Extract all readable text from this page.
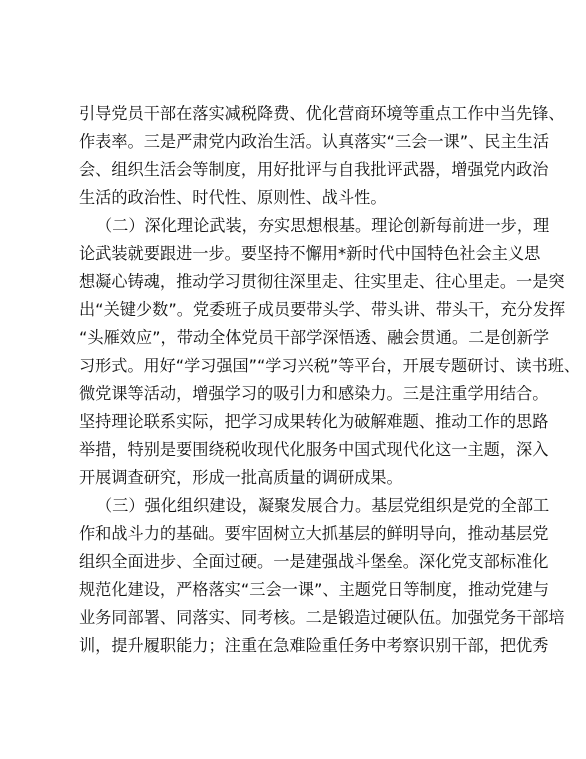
引导党员干部在落实减税降费、优化营商环境等重点工作中当先锋、
作表率。三是严肃党内政治生活。认真落实“三会一课”、民主生活
会、组织生活会等制度，用好批评与自我批评武器，增强党内政治
生活的政治性、时代性、原则性、战斗性。
（二）深化理论武装，夯实思想根基。理论创新每前进一步，理
论武装就要跟进一步。要坚持不懈用*新时代中国特色社会主义思
想凝心铸魂，推动学习贯彻往深里走、往实里走、往心里走。一是突
出“关键少数”。党委班子成员要带头学、带头讲、带头干，充分发挥
“头雁效应”，带动全体党员干部学深悟透、融会贯通。二是创新学
习形式。用好“学习强国”“学习兴税”等平台，开展专题研讨、读书班、
微党课等活动，增强学习的吸引力和感染力。三是注重学用结合。
坚持理论联系实际，把学习成果转化为破解难题、推动工作的思路
举措，特别是要围绕税收现代化服务中国式现代化这一主题，深入
开展调查研究，形成一批高质量的调研成果。
（三）强化组织建设，凝聚发展合力。基层党组织是党的全部工
作和战斗力的基础。要牢固树立大抓基层的鲜明导向，推动基层党
组织全面进步、全面过硬。一是建强战斗堡垒。深化党支部标准化
规范化建设，严格落实“三会一课”、主题党日等制度，推动党建与
业务同部署、同落实、同考核。二是锻造过硬队伍。加强党务干部培
训，提升履职能力；注重在急难险重任务中考察识别干部，把优秀
